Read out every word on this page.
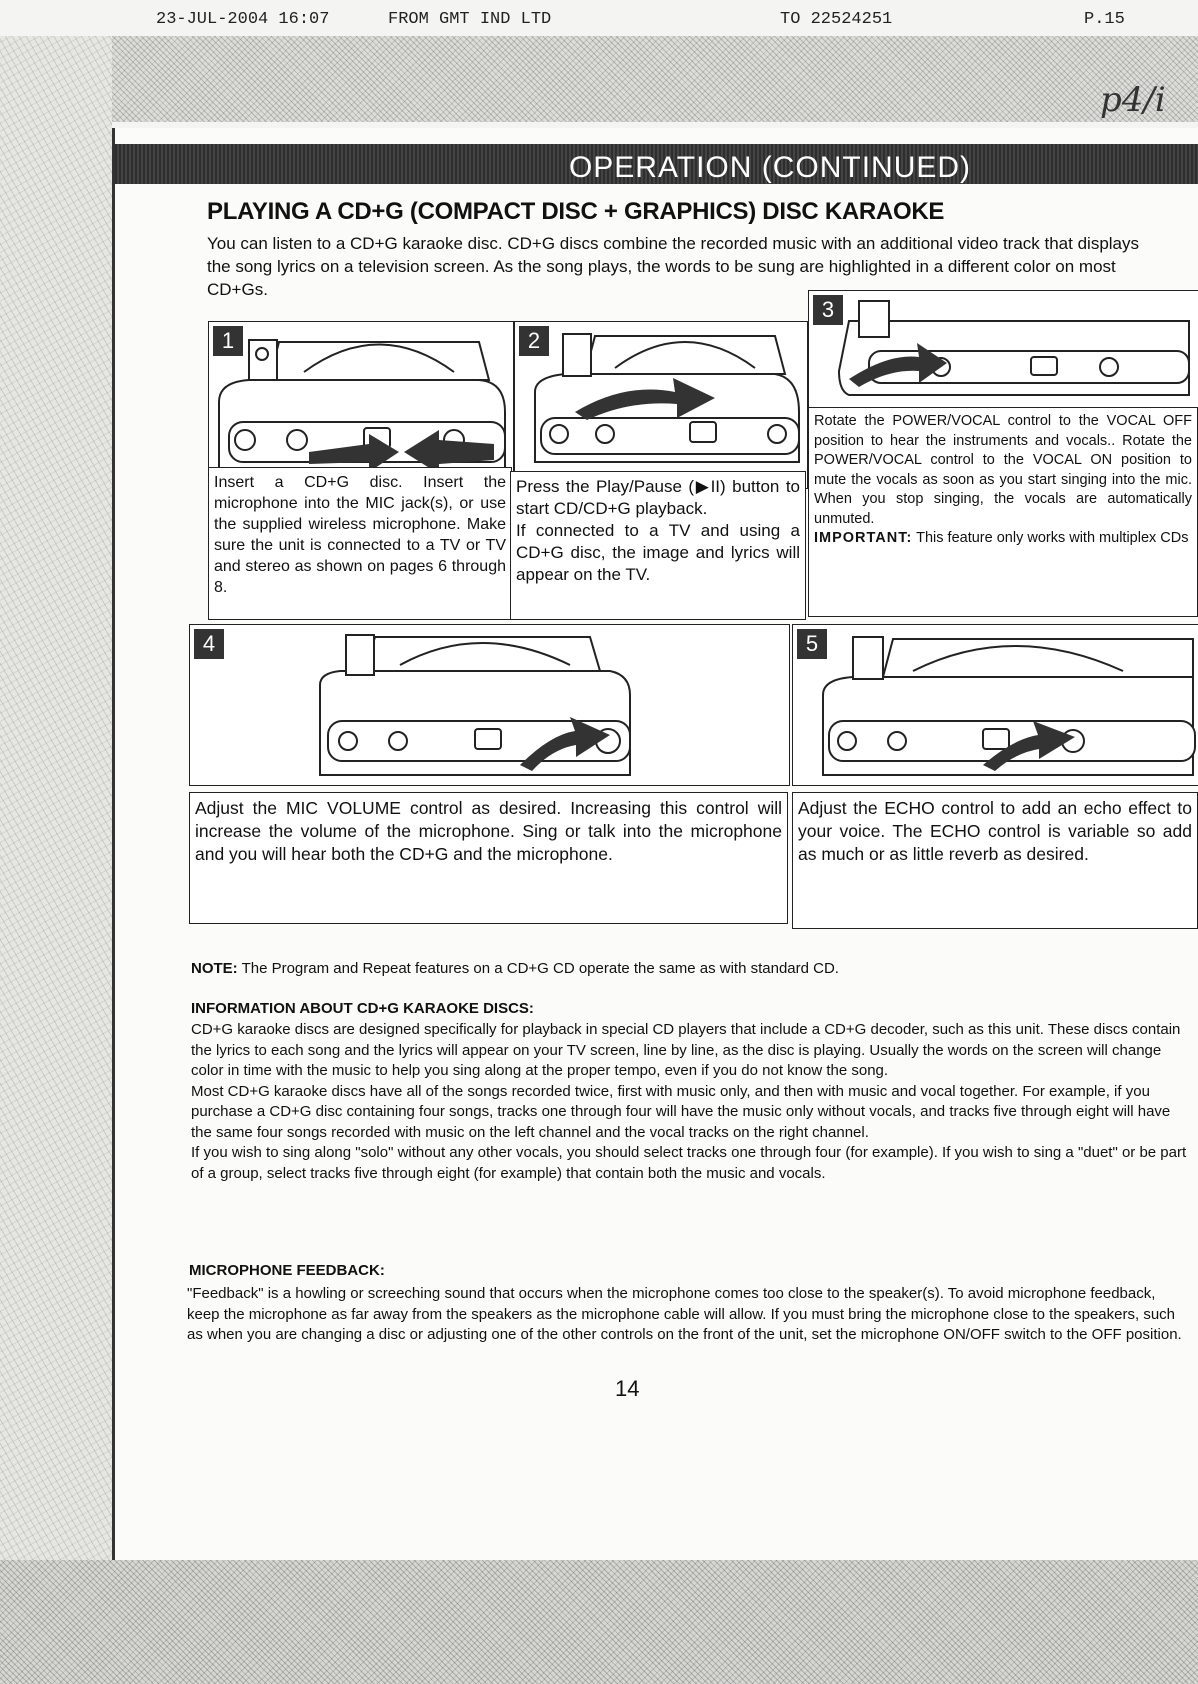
23-JUL-2004 16:07	FROM GMT IND LTD	TO 22524251	P.15
p4/i
OPERATION (CONTINUED)
PLAYING A CD+G (COMPACT DISC + GRAPHICS) DISC KARAOKE
You can listen to a CD+G karaoke disc. CD+G discs combine the recorded music with an additional video track that displays the song lyrics on a television screen. As the song plays, the words to be sung are highlighted in a different color on most CD+Gs.
1	2
3
4	5

Insert a CD+G disc. Insert the microphone into the MIC jack(s), or use the supplied wireless microphone. Make sure the unit is connected to a TV or TV and stereo as shown on pages 6 through 8.

Press the Play/Pause (▶II) button to start CD/CD+G playback.

If connected to a TV and using a CD+G disc, the image and lyrics will appear on the TV.

Rotate the POWER/VOCAL control to the VOCAL OFF position to hear the instruments and vocals.. Rotate the POWER/VOCAL control to the VOCAL ON position to mute the vocals as soon as you start singing into the mic. When you stop singing, the vocals are automatically unmuted.

IMPORTANT: This feature only works with multiplex CDs

Adjust the MIC VOLUME control as desired. Increasing this control will increase the volume of the microphone. Sing or talk into the microphone and you will hear both the CD+G and the microphone.

Adjust the ECHO control to add an echo effect to your voice. The ECHO control is variable so add as much or as little reverb as desired.

NOTE: The Program and Repeat features on a CD+G CD operate the same as with standard CD.
INFORMATION ABOUT CD+G KARAOKE DISCS:

CD+G karaoke discs are designed specifically for playback in special CD players that include a CD+G decoder, such as this unit. These discs contain the lyrics to each song and the lyrics will appear on your TV screen, line by line, as the disc is playing. Usually the words on the screen will change color in time with the music to help you sing along at the proper tempo, even if you do not know the song.

Most CD+G karaoke discs have all of the songs recorded twice, first with music only, and then with music and vocal together. For example, if you purchase a CD+G disc containing four songs, tracks one through four will have the music only without vocals, and tracks five through eight will have the same four songs recorded with music on the left channel and the vocal tracks on the right channel.

If you wish to sing along "solo" without any other vocals, you should select tracks one through four (for example). If you wish to sing a "duet" or be part of a group, select tracks five through eight (for example) that contain both the music and vocals.

MICROPHONE FEEDBACK:

"Feedback" is a howling or screeching sound that occurs when the microphone comes too close to the speaker(s). To avoid microphone feedback, keep the microphone as far away from the speakers as the microphone cable will allow. If you must bring the microphone close to the speakers, such as when you are changing a disc or adjusting one of the other controls on the front of the unit, set the microphone ON/OFF switch to the OFF position.

14
